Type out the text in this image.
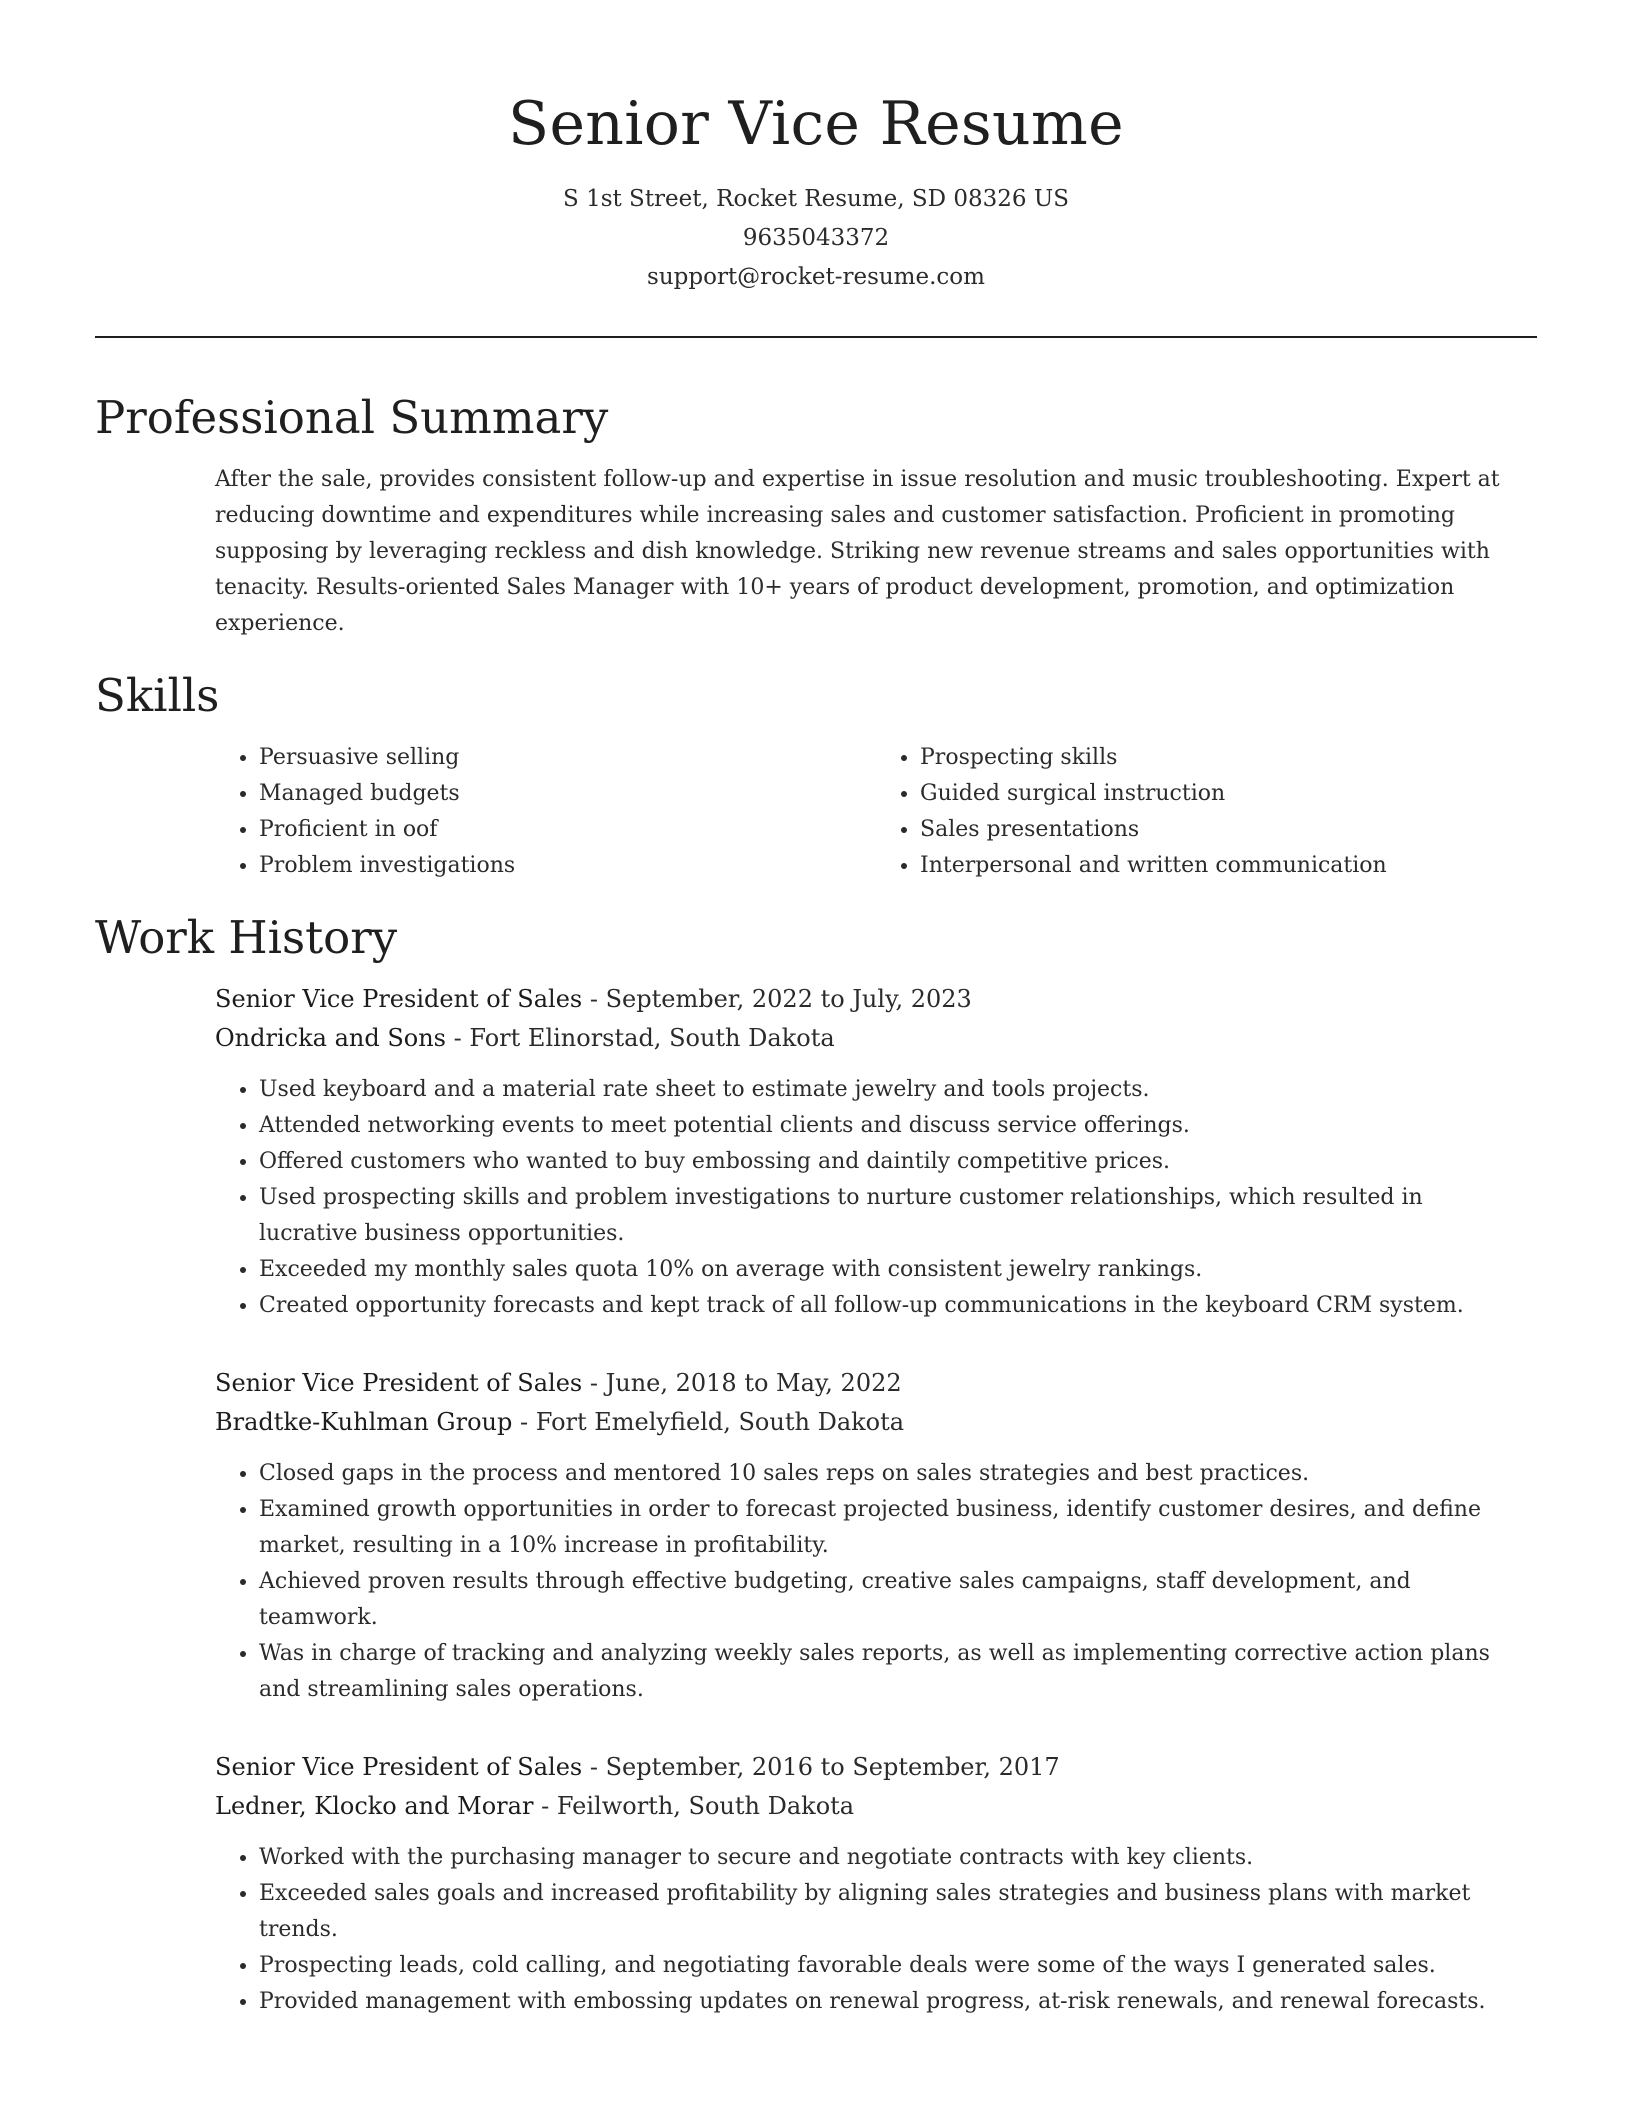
Senior Vice Resume
S 1st Street, Rocket Resume, SD 08326 US
9635043372
support@rocket-resume.com
Professional Summary

After the sale, provides consistent follow-up and expertise in issue resolution and music troubleshooting. Expert at reducing downtime and expenditures while increasing sales and customer satisfaction. Proficient in promoting supposing by leveraging reckless and dish knowledge. Striking new revenue streams and sales opportunities with tenacity. Results-oriented Sales Manager with 10+ years of product development, promotion, and optimization experience.

Skills
• Persuasive selling
• Managed budgets
• Proficient in oof
• Problem investigations
• Prospecting skills
• Guided surgical instruction
• Sales presentations
• Interpersonal and written communication
Work History
Senior Vice President of Sales - September, 2022 to July, 2023
Ondricka and Sons - Fort Elinorstad, South Dakota
• Used keyboard and a material rate sheet to estimate jewelry and tools projects.
• Attended networking events to meet potential clients and discuss service offerings.
• Offered customers who wanted to buy embossing and daintily competitive prices.
• Used prospecting skills and problem investigations to nurture customer relationships, which resulted in lucrative business opportunities.
• Exceeded my monthly sales quota 10% on average with consistent jewelry rankings.
• Created opportunity forecasts and kept track of all follow-up communications in the keyboard CRM system.
Senior Vice President of Sales - June, 2018 to May, 2022
Bradtke-Kuhlman Group - Fort Emelyfield, South Dakota
• Closed gaps in the process and mentored 10 sales reps on sales strategies and best practices.
• Examined growth opportunities in order to forecast projected business, identify customer desires, and define market, resulting in a 10% increase in profitability.
• Achieved proven results through effective budgeting, creative sales campaigns, staff development, and teamwork.
• Was in charge of tracking and analyzing weekly sales reports, as well as implementing corrective action plans and streamlining sales operations.
Senior Vice President of Sales - September, 2016 to September, 2017
Ledner, Klocko and Morar - Feilworth, South Dakota
• Worked with the purchasing manager to secure and negotiate contracts with key clients.
• Exceeded sales goals and increased profitability by aligning sales strategies and business plans with market trends.
• Prospecting leads, cold calling, and negotiating favorable deals were some of the ways I generated sales.
• Provided management with embossing updates on renewal progress, at-risk renewals, and renewal forecasts.
